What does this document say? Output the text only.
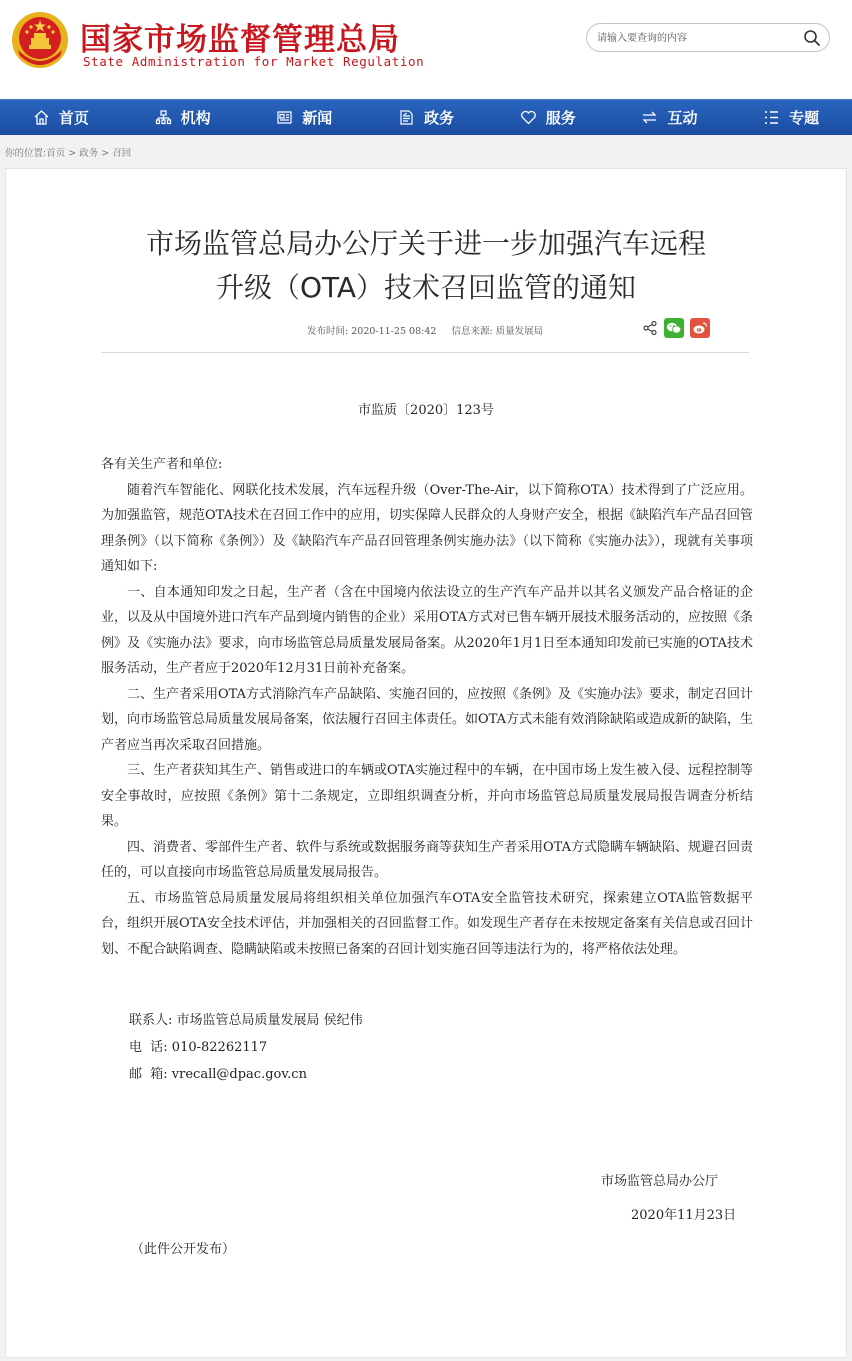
国家市场监督管理总局
State Administration for Market Regulation
请输入要查询的内容
首页	机构	新闻	政务	服务	互动	专题
你的位置:首页 > 政务 > 召回
市场监管总局办公厅关于进一步加强汽车远程
升级（OTA）技术召回监管的通知
发布时间: 2020-11-25 08:42 信息来源: 质量发展局
市监质〔2020〕123号

各有关生产者和单位:

随着汽车智能化、网联化技术发展，汽车远程升级（Over-The-Air，以下简称OTA）技术得到了广泛应用。为加强监管，规范OTA技术在召回工作中的应用，切实保障人民群众的人身财产安全，根据《缺陷汽车产品召回管理条例》（以下简称《条例》）及《缺陷汽车产品召回管理条例实施办法》（以下简称《实施办法》），现就有关事项通知如下:

一、自本通知印发之日起，生产者（含在中国境内依法设立的生产汽车产品并以其名义颁发产品合格证的企业，以及从中国境外进口汽车产品到境内销售的企业）采用OTA方式对已售车辆开展技术服务活动的，应按照《条例》及《实施办法》要求，向市场监管总局质量发展局备案。从2020年1月1日至本通知印发前已实施的OTA技术服务活动，生产者应于2020年12月31日前补充备案。

二、生产者采用OTA方式消除汽车产品缺陷、实施召回的，应按照《条例》及《实施办法》要求，制定召回计划，向市场监管总局质量发展局备案，依法履行召回主体责任。如OTA方式未能有效消除缺陷或造成新的缺陷，生产者应当再次采取召回措施。

三、生产者获知其生产、销售或进口的车辆或OTA实施过程中的车辆，在中国市场上发生被入侵、远程控制等安全事故时，应按照《条例》第十二条规定，立即组织调查分析，并向市场监管总局质量发展局报告调查分析结果。

四、消费者、零部件生产者、软件与系统或数据服务商等获知生产者采用OTA方式隐瞒车辆缺陷、规避召回责任的，可以直接向市场监管总局质量发展局报告。

五、市场监管总局质量发展局将组织相关单位加强汽车OTA安全监管技术研究，探索建立OTA监管数据平台，组织开展OTA安全技术评估，并加强相关的召回监督工作。如发现生产者存在未按规定备案有关信息或召回计划、不配合缺陷调查、隐瞒缺陷或未按照已备案的召回计划实施召回等违法行为的，将严格依法处理。

联系人: 市场监管总局质量发展局 侯纪伟
电  话: 010-82262117
邮  箱: vrecall@dpac.gov.cn
市场监管总局办公厅
2020年11月23日
（此件公开发布）
